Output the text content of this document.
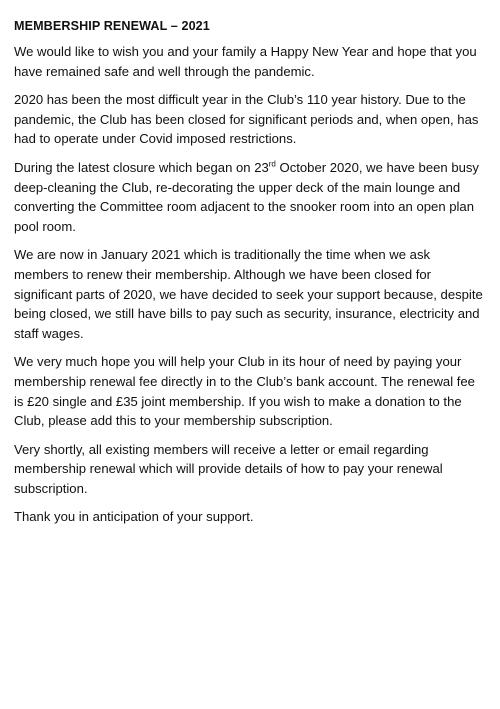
MEMBERSHIP RENEWAL – 2021

We would like to wish you and your family a Happy New Year and hope that you have remained safe and well through the pandemic.

2020 has been the most difficult year in the Club’s 110 year history. Due to the pandemic, the Club has been closed for significant periods and, when open, has had to operate under Covid imposed restrictions.

During the latest closure which began on 23rd October 2020, we have been busy deep-cleaning the Club, re-decorating the upper deck of the main lounge and converting the Committee room adjacent to the snooker room into an open plan pool room.

We are now in January 2021 which is traditionally the time when we ask members to renew their membership. Although we have been closed for significant parts of 2020, we have decided to seek your support because, despite being closed, we still have bills to pay such as security, insurance, electricity and staff wages.

We very much hope you will help your Club in its hour of need by paying your membership renewal fee directly in to the Club’s bank account. The renewal fee is £20 single and £35 joint membership. If you wish to make a donation to the Club, please add this to your membership subscription.

Very shortly, all existing members will receive a letter or email regarding membership renewal which will provide details of how to pay your renewal subscription.

Thank you in anticipation of your support.
